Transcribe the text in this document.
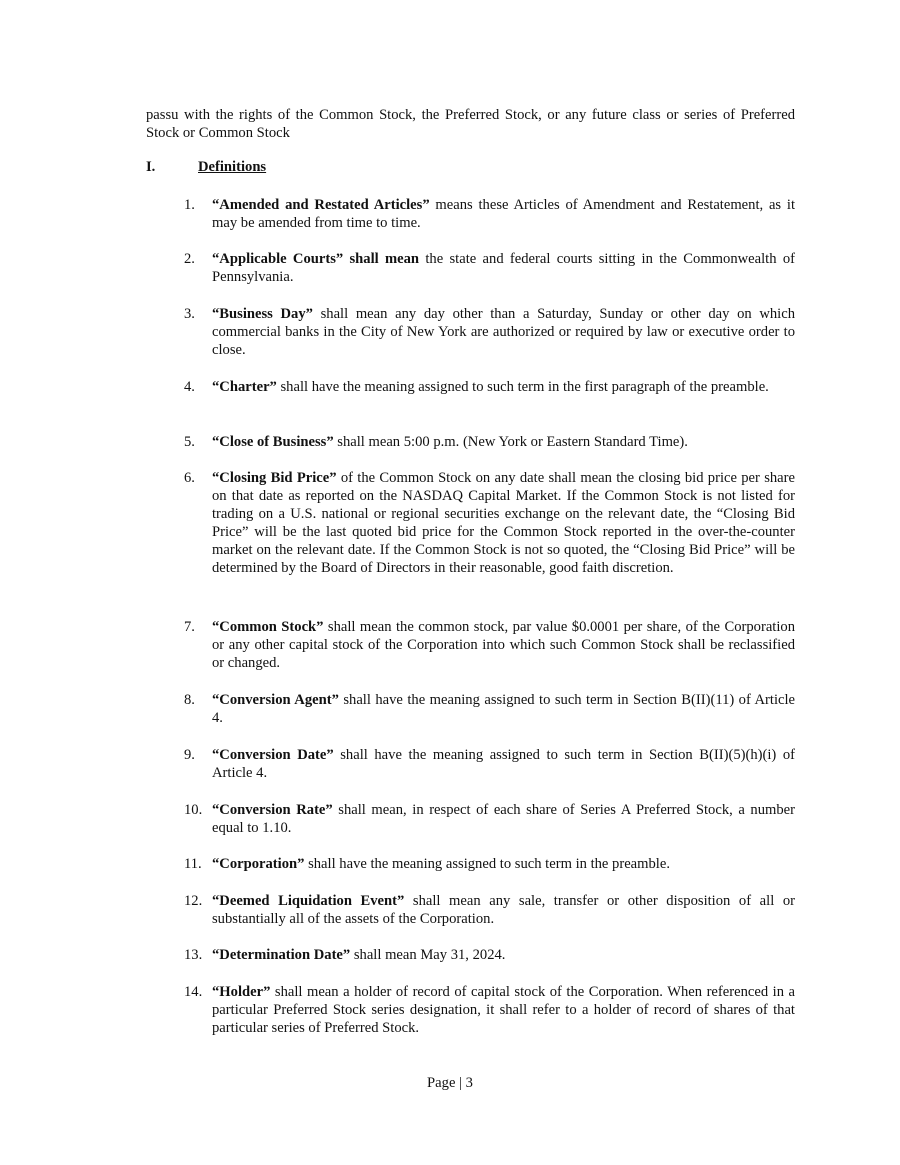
passu with the rights of the Common Stock, the Preferred Stock, or any future class or series of Preferred Stock or Common Stock

I.	Definitions
1.	“Amended and Restated Articles” means these Articles of Amendment and Restatement, as it may be amended from time to time.
2.	“Applicable Courts” shall mean the state and federal courts sitting in the Commonwealth of Pennsylvania.
3.	“Business Day” shall mean any day other than a Saturday, Sunday or other day on which commercial banks in the City of New York are authorized or required by law or executive order to close.
4.	“Charter” shall have the meaning assigned to such term in the first paragraph of the preamble.
5.	“Close of Business” shall mean 5:00 p.m. (New York or Eastern Standard Time).
6.	“Closing Bid Price” of the Common Stock on any date shall mean the closing bid price per share on that date as reported on the NASDAQ Capital Market. If the Common Stock is not listed for trading on a U.S. national or regional securities exchange on the relevant date, the “Closing Bid Price” will be the last quoted bid price for the Common Stock reported in the over-the-counter market on the relevant date. If the Common Stock is not so quoted, the “Closing Bid Price” will be determined by the Board of Directors in their reasonable, good faith discretion.
7.	“Common Stock” shall mean the common stock, par value $0.0001 per share, of the Corporation or any other capital stock of the Corporation into which such Common Stock shall be reclassified or changed.
8.	“Conversion Agent” shall have the meaning assigned to such term in Section B(II)(11) of Article 4.
9.	“Conversion Date” shall have the meaning assigned to such term in Section B(II)(5)(h)(i) of Article 4.
10. “Conversion Rate” shall mean, in respect of each share of Series A Preferred Stock, a number equal to 1.10.
11. “Corporation” shall have the meaning assigned to such term in the preamble.
12. “Deemed Liquidation Event” shall mean any sale, transfer or other disposition of all or substantially all of the assets of the Corporation.
13. “Determination Date” shall mean May 31, 2024.
14. “Holder” shall mean a holder of record of capital stock of the Corporation. When referenced in a particular Preferred Stock series designation, it shall refer to a holder of record of shares of that particular series of Preferred Stock.

Page | 3
